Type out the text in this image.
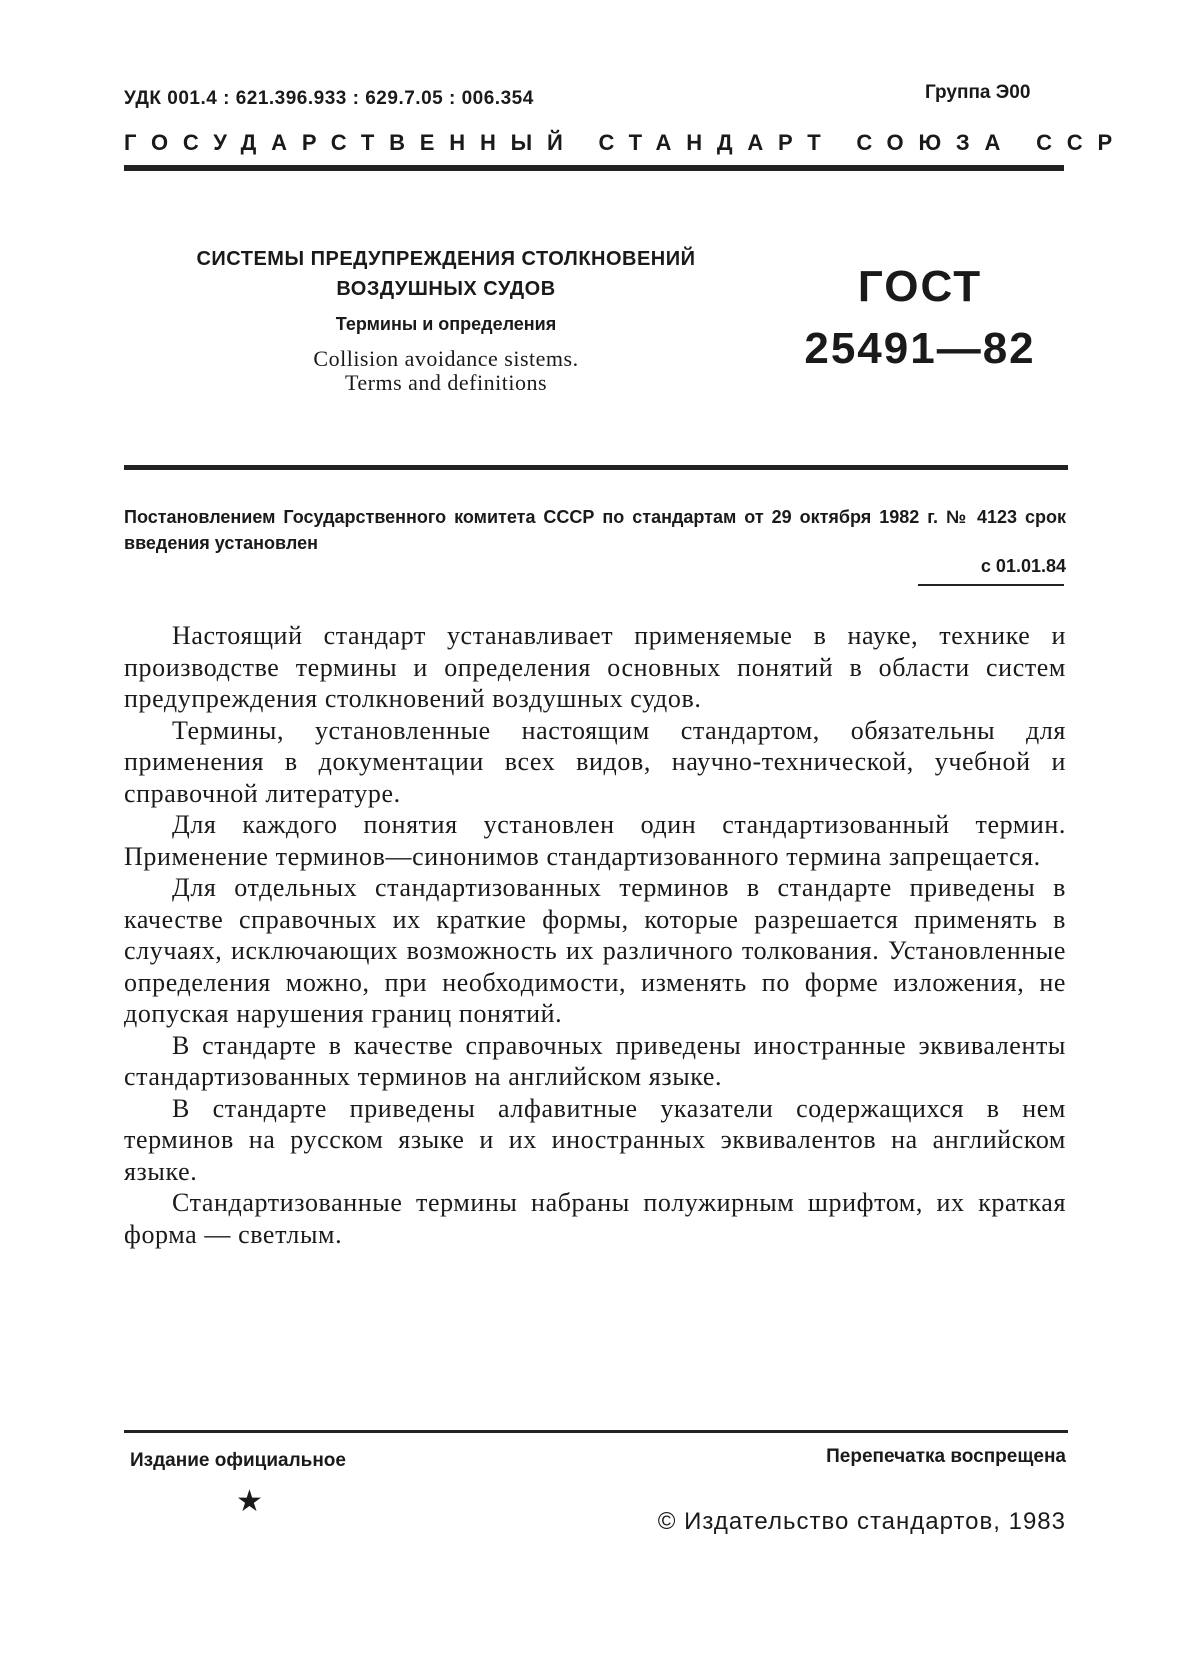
УДК 001.4 : 621.396.933 : 629.7.05 : 006.354	Группа Э00
ГОСУДАРСТВЕННЫЙ СТАНДАРТ СОЮЗА ССР
СИСТЕМЫ ПРЕДУПРЕЖДЕНИЯ СТОЛКНОВЕНИЙ
ВОЗДУШНЫХ СУДОВ
Термины и определения
Collision avoidance sistems.
Terms and definitions
ГОСТ
25491—82
Постановлением Государственного комитета СССР по стандартам от 29 октября 1982 г. № 4123 срок введения установлен
с 01.01.84

Настоящий стандарт устанавливает применяемые в науке, технике и производстве термины и определения основных понятий в области систем предупреждения столкновений воздушных судов.

Термины, установленные настоящим стандартом, обязательны для применения в документации всех видов, научно-технической, учебной и справочной литературе.

Для каждого понятия установлен один стандартизованный термин. Применение терминов—синонимов стандартизованного термина запрещается.

Для отдельных стандартизованных терминов в стандарте приведены в качестве справочных их краткие формы, которые разрешается применять в случаях, исключающих возможность их различного толкования. Установленные определения можно, при необходимости, изменять по форме изложения, не допуская нарушения границ понятий.

В стандарте в качестве справочных приведены иностранные эквиваленты стандартизованных терминов на английском языке.

В стандарте приведены алфавитные указатели содержащихся в нем терминов на русском языке и их иностранных эквивалентов на английском языке.

Стандартизованные термины набраны полужирным шрифтом, их краткая форма — светлым.

Издание официальное	Перепечатка воспрещена
★
© Издательство стандартов, 1983
